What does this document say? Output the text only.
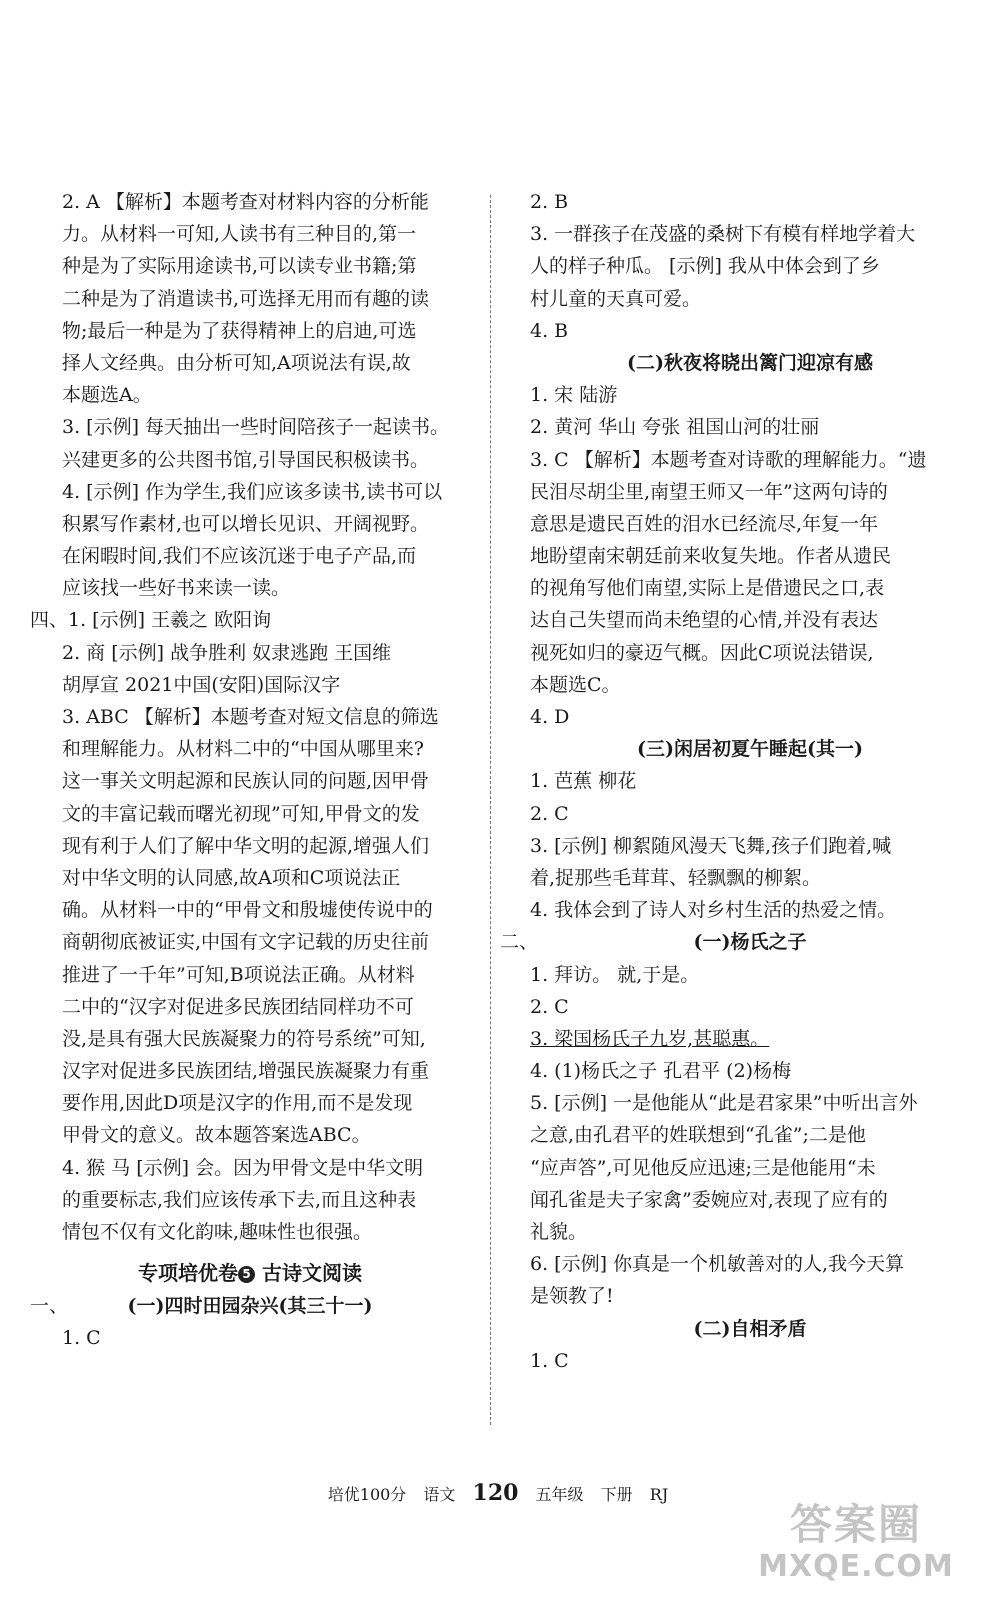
2. A 【解析】本题考查对材料内容的分析能
力。从材料一可知,人读书有三种目的,第一
种是为了实际用途读书,可以读专业书籍;第
二种是为了消遣读书,可选择无用而有趣的读
物;最后一种是为了获得精神上的启迪,可选
择人文经典。由分析可知,A项说法有误,故
本题选A。
3. [示例] 每天抽出一些时间陪孩子一起读书。
兴建更多的公共图书馆,引导国民积极读书。
4. [示例] 作为学生,我们应该多读书,读书可以
积累写作素材,也可以增长见识、开阔视野。
在闲暇时间,我们不应该沉迷于电子产品,而
应该找一些好书来读一读。
四、1. [示例] 王羲之 欧阳询
2. 商 [示例] 战争胜利 奴隶逃跑 王国维
胡厚宣 2021中国(安阳)国际汉字
3. ABC 【解析】本题考查对短文信息的筛选
和理解能力。从材料二中的“中国从哪里来?
这一事关文明起源和民族认同的问题,因甲骨
文的丰富记载而曙光初现”可知,甲骨文的发
现有利于人们了解中华文明的起源,增强人们
对中华文明的认同感,故A项和C项说法正
确。从材料一中的“甲骨文和殷墟使传说中的
商朝彻底被证实,中国有文字记载的历史往前
推进了一千年”可知,B项说法正确。从材料
二中的“汉字对促进多民族团结同样功不可
没,是具有强大民族凝聚力的符号系统”可知,
汉字对促进多民族团结,增强民族凝聚力有重
要作用,因此D项是汉字的作用,而不是发现
甲骨文的意义。故本题答案选ABC。
4. 猴 马 [示例] 会。因为甲骨文是中华文明
的重要标志,我们应该传承下去,而且这种表
情包不仅有文化韵味,趣味性也很强。
专项培优卷 5 古诗文阅读
一、	(一)四时田园杂兴(其三十一)
1. C
2. B
3. 一群孩子在茂盛的桑树下有模有样地学着大
人的样子种瓜。 [示例] 我从中体会到了乡
村儿童的天真可爱。
4. B
(二)秋夜将晓出篱门迎凉有感
1. 宋 陆游
2. 黄河 华山 夸张 祖国山河的壮丽
3. C 【解析】本题考查对诗歌的理解能力。“遗
民泪尽胡尘里,南望王师又一年”这两句诗的
意思是遗民百姓的泪水已经流尽,年复一年
地盼望南宋朝廷前来收复失地。作者从遗民
的视角写他们南望,实际上是借遗民之口,表
达自己失望而尚未绝望的心情,并没有表达
视死如归的豪迈气概。因此C项说法错误,
本题选C。
4. D
(三)闲居初夏午睡起(其一)
1. 芭蕉 柳花
2. C
3. [示例] 柳絮随风漫天飞舞,孩子们跑着,喊
着,捉那些毛茸茸、轻飘飘的柳絮。
4. 我体会到了诗人对乡村生活的热爱之情。
二、	(一)杨氏之子
1. 拜访。 就,于是。
2. C
3. 梁国杨氏子九岁,甚聪惠。
4. (1)杨氏之子 孔君平 (2)杨梅
5. [示例] 一是他能从“此是君家果”中听出言外
之意,由孔君平的姓联想到“孔雀”;二是他
“应声答”,可见他反应迅速;三是他能用“未
闻孔雀是夫子家禽”委婉应对,表现了应有的
礼貌。
6. [示例] 你真是一个机敏善对的人,我今天算
是领教了!
(二)自相矛盾
1. C
培优100分 语文 120 五年级 下册 RJ
答案圈
MXQE.COM
